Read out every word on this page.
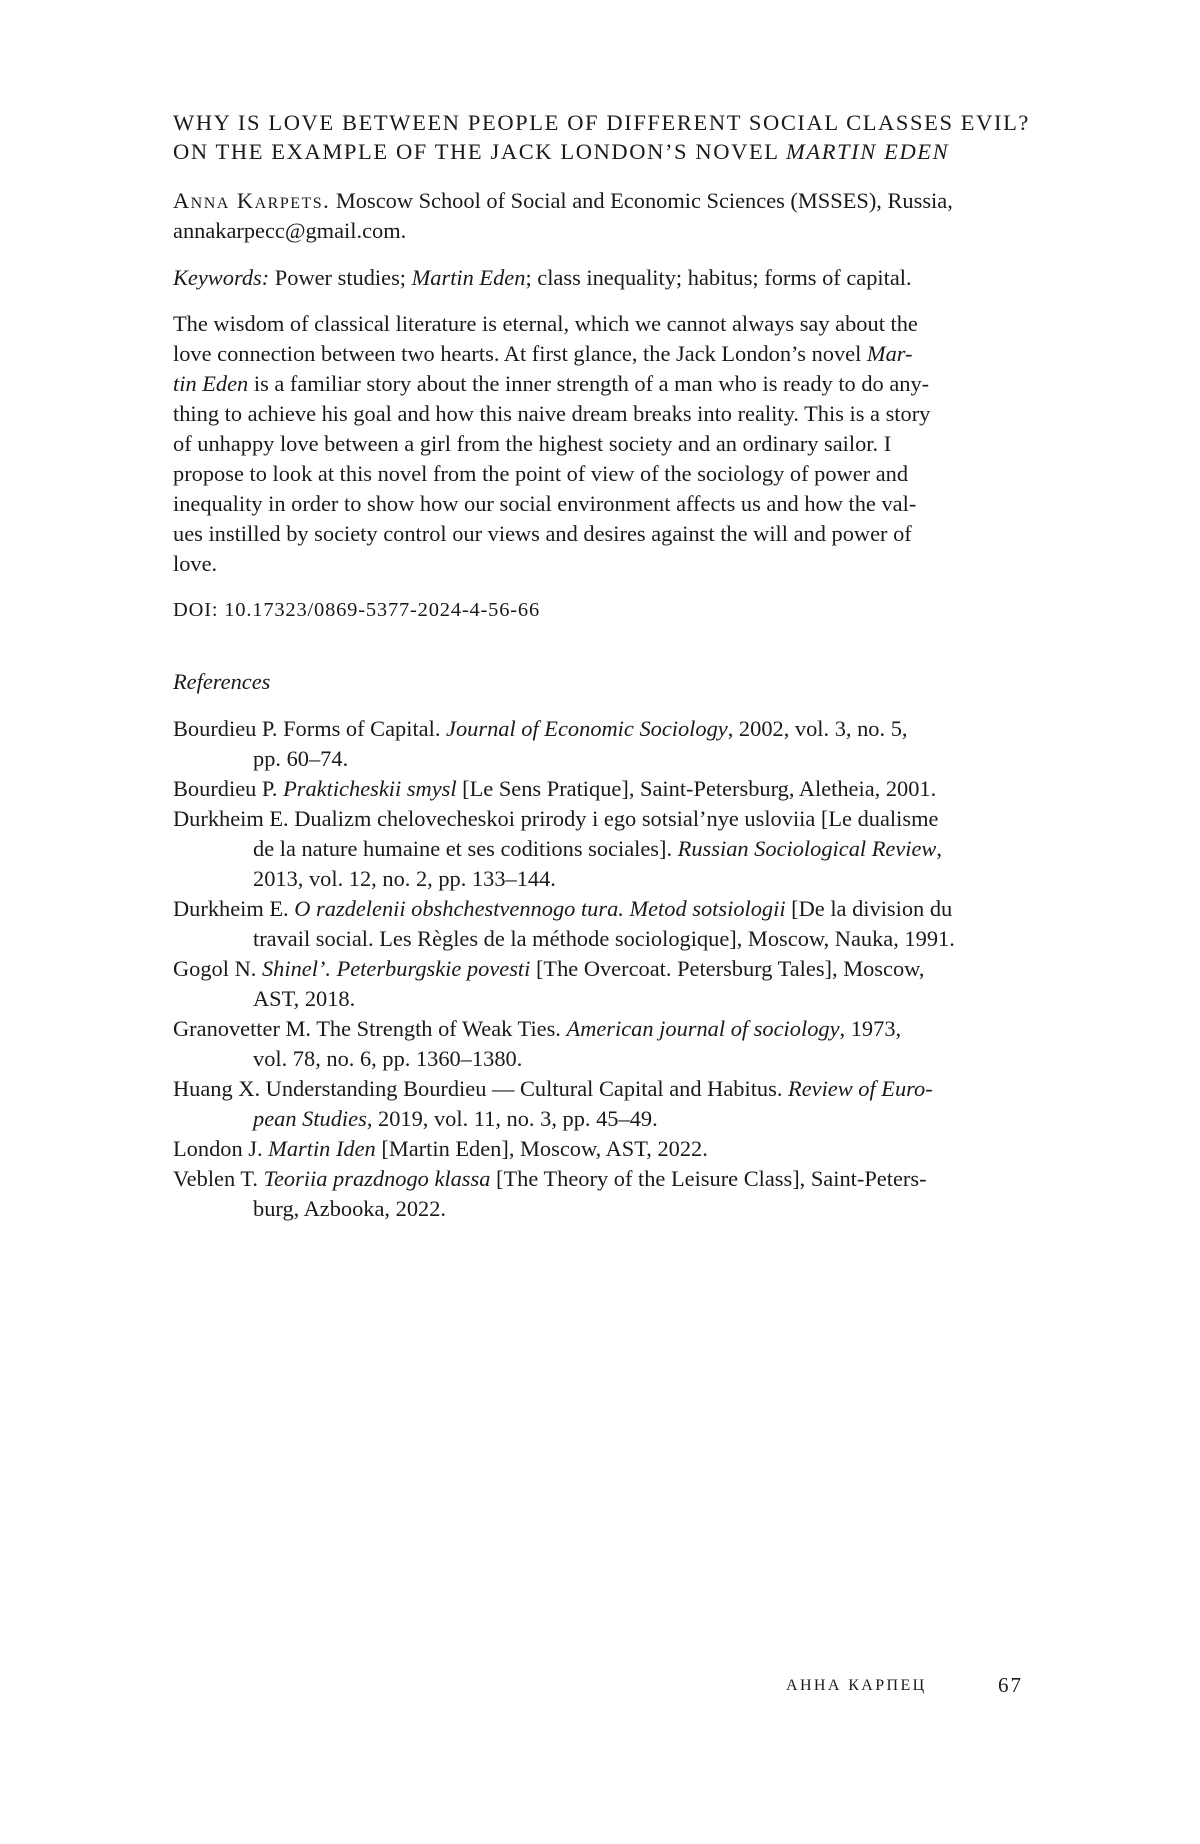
WHY IS LOVE BETWEEN PEOPLE OF DIFFERENT SOCIAL CLASSES EVIL?
ON THE EXAMPLE OF THE JACK LONDON’S NOVEL MARTIN EDEN
Anna Karpets. Moscow School of Social and Economic Sciences (MSSES), Russia,
annakarpecc@gmail.com.
Keywords: Power studies; Martin Eden; class inequality; habitus; forms of capital.
The wisdom of classical literature is eternal, which we cannot always say about the
love connection between two hearts. At first glance, the Jack London’s novel Mar-
tin Eden is a familiar story about the inner strength of a man who is ready to do any-
thing to achieve his goal and how this naive dream breaks into reality. This is a story
of unhappy love between a girl from the highest society and an ordinary sailor. I
propose to look at this novel from the point of view of the sociology of power and
inequality in order to show how our social environment affects us and how the val-
ues instilled by society control our views and desires against the will and power of
love.
DOI: 10.17323/0869-5377-2024-4-56-66
References

Bourdieu P. Forms of Capital. Journal of Economic Sociology, 2002, vol. 3, no. 5,
pp. 60–74.

Bourdieu P. Prakticheskii smysl [Le Sens Pratique], Saint-Petersburg, Aletheia, 2001.

Durkheim E. Dualizm chelovecheskoi prirody i ego sotsial’nye usloviia [Le dualisme
de la nature humaine et ses coditions sociales]. Russian Sociological Review,
2013, vol. 12, no. 2, pp. 133–144.

Durkheim E. O razdelenii obshchestvennogo tura. Metod sotsiologii [De la division du
travail social. Les Règles de la méthode sociologique], Moscow, Nauka, 1991.

Gogol N. Shinel’. Peterburgskie povesti [The Overcoat. Petersburg Tales], Moscow,
AST, 2018.

Granovetter M. The Strength of Weak Ties. American journal of sociology, 1973,
vol. 78, no. 6, pp. 1360–1380.

Huang X. Understanding Bourdieu — Cultural Capital and Habitus. Review of Euro-
pean Studies, 2019, vol. 11, no. 3, pp. 45–49.

London J. Martin Iden [Martin Eden], Moscow, AST, 2022.

Veblen T. Teoriia prazdnogo klassa [The Theory of the Leisure Class], Saint-Peters-
burg, Azbooka, 2022.

АННА КАРПЕЦ	67
